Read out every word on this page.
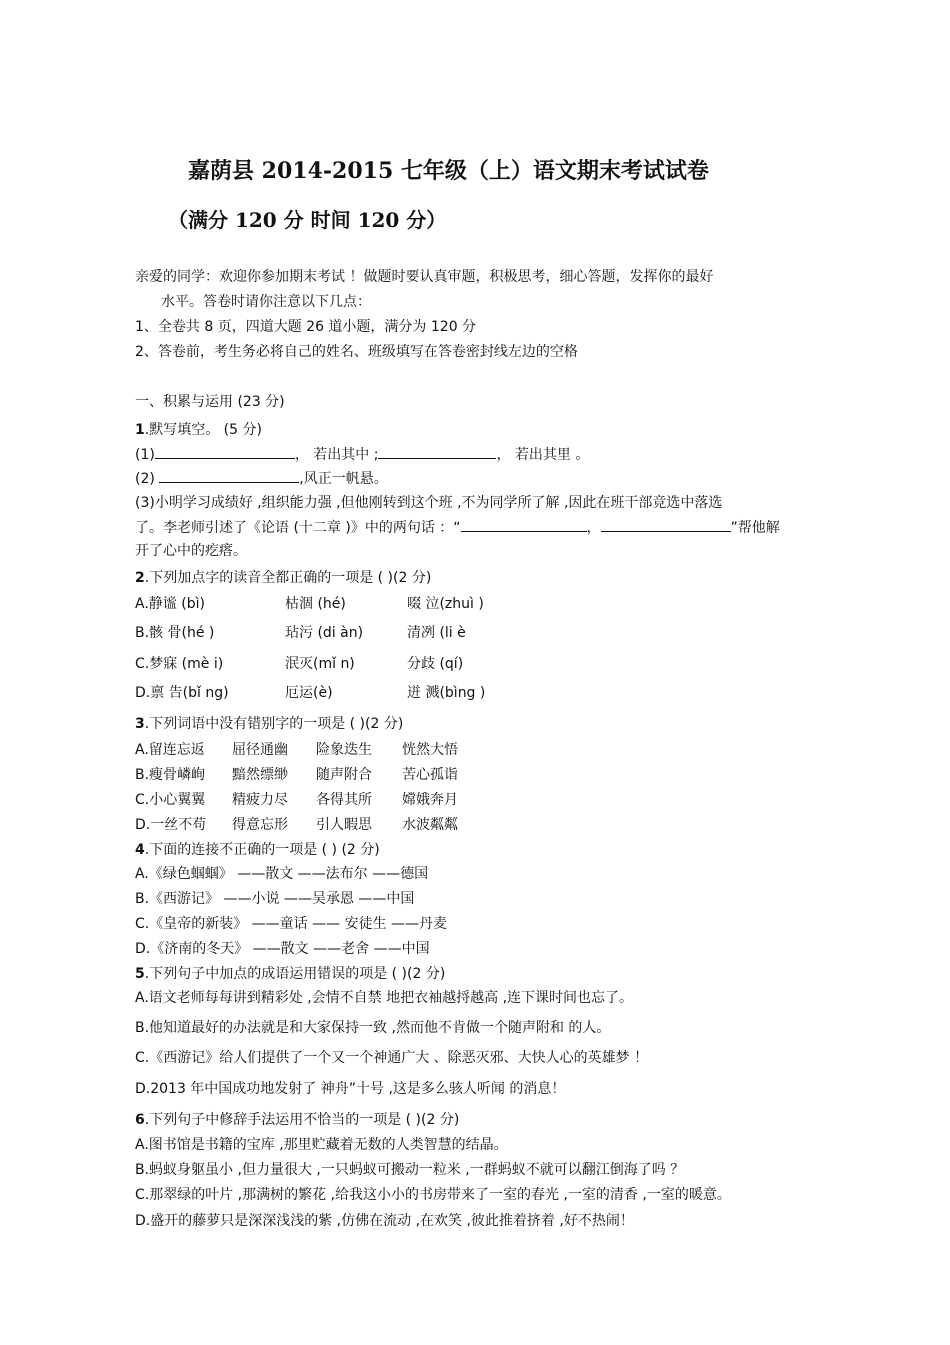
嘉荫县 2014-2015 七年级（上）语文期末考试试卷
（满分 120 分 时间 120 分）
亲爱的同学：欢迎你参加期末考试 ！做题时要认真审题，积极思考，细心答题，发挥你的最好
水平。答卷时请你注意以下几点：
1、全卷共 8 页，四道大题 26 道小题，满分为 120 分
2、答卷前，考生务必将自己的姓名、班级填写在答卷密封线左边的空格
一、积累与运用 (23 分)
1.默写填空。 (5 分)
(1)	， 若出其中 ;	， 若出其里 。
(2)	,风正一帆悬。
(3)小明学习成绩好 ,组织能力强 ,但他刚转到这个班 ,不为同学所了解 ,因此在班干部竞选中落选
了。李老师引述了《论语 (十二章 )》中的两句话 ：“	，	”帮他解
开了心中的疙瘩。
2.下列加点字的读音全都正确的一项是 ( )(2 分)
A.静谧 (bì)	枯涸 (hé)	啜 泣(zhuì )
B.骸 骨(hé )	玷污 (di àn)	清冽 (li è
C.梦寐 (mè i)	泯灭(mǐ n)	分歧 (qí)
D.禀 告(bǐ ng)	厄运(è)	迸 溅(bìng )
3.下列词语中没有错别字的一项是 ( )(2 分)
A.留连忘返 屈径通幽 险象迭生 恍然大悟
B.瘦骨嶙峋 黯然缥缈 随声附合 苦心孤诣
C.小心翼翼 精疲力尽 各得其所 嫦娥奔月
D.一丝不苟 得意忘形 引人暇思 水波粼粼
4.下面的连接不正确的一项是 ( ) (2 分)
A.《绿色蝈蝈》 ——散文 ——法布尔 ——德国
B.《西游记》 ——小说 ——吴承恩 ——中国
C.《皇帝的新装》 ——童话 —— 安徒生 ——丹麦
D.《济南的冬天》 ——散文 ——老舍 ——中国
5.下列句子中加点的成语运用错误的项是 ( )(2 分)
A.语文老师每每讲到精彩处 ,会情不自禁 地把衣袖越捋越高 ,连下课时间也忘了。
B.他知道最好的办法就是和大家保持一致 ,然而他不肯做一个随声附和 的人。
C.《西游记》给人们提供了一个又一个神通广大 、除恶灭邪、大快人心的英雄梦 ！
D.2013 年中国成功地发射了 神舟”十号 ,这是多么骇人听闻 的消息！
6.下列句子中修辞手法运用不恰当的一项是 ( )(2 分)
A.图书馆是书籍的宝库 ,那里贮藏着无数的人类智慧的结晶。
B.蚂蚁身躯虽小 ,但力量很大 ,一只蚂蚁可搬动一粒米 ,一群蚂蚁不就可以翻江倒海了吗 ？
C.那翠绿的叶片 ,那满树的繁花 ,给我这小小的书房带来了一室的春光 ,一室的清香 ,一室的暖意。
D.盛开的藤萝只是深深浅浅的紫 ,仿佛在流动 ,在欢笑 ,彼此推着挤着 ,好不热闹！
